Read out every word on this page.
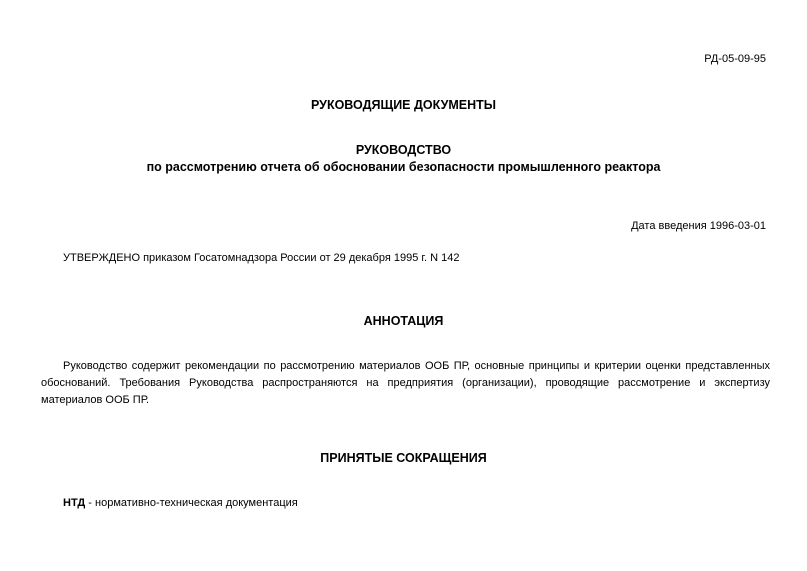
РД-05-09-95
РУКОВОДЯЩИЕ ДОКУМЕНТЫ
РУКОВОДСТВО
по рассмотрению отчета об обосновании безопасности промышленного реактора
Дата введения 1996-03-01
УТВЕРЖДЕНО приказом Госатомнадзора России от 29 декабря 1995 г. N 142
АННОТАЦИЯ

Руководство содержит рекомендации по рассмотрению материалов ООБ ПР, основные принципы и критерии оценки представленных обоснований. Требования Руководства распространяются на предприятия (организации), проводящие рассмотрение и экспертизу материалов ООБ ПР.

ПРИНЯТЫЕ СОКРАЩЕНИЯ
НТД - нормативно-техническая документация
